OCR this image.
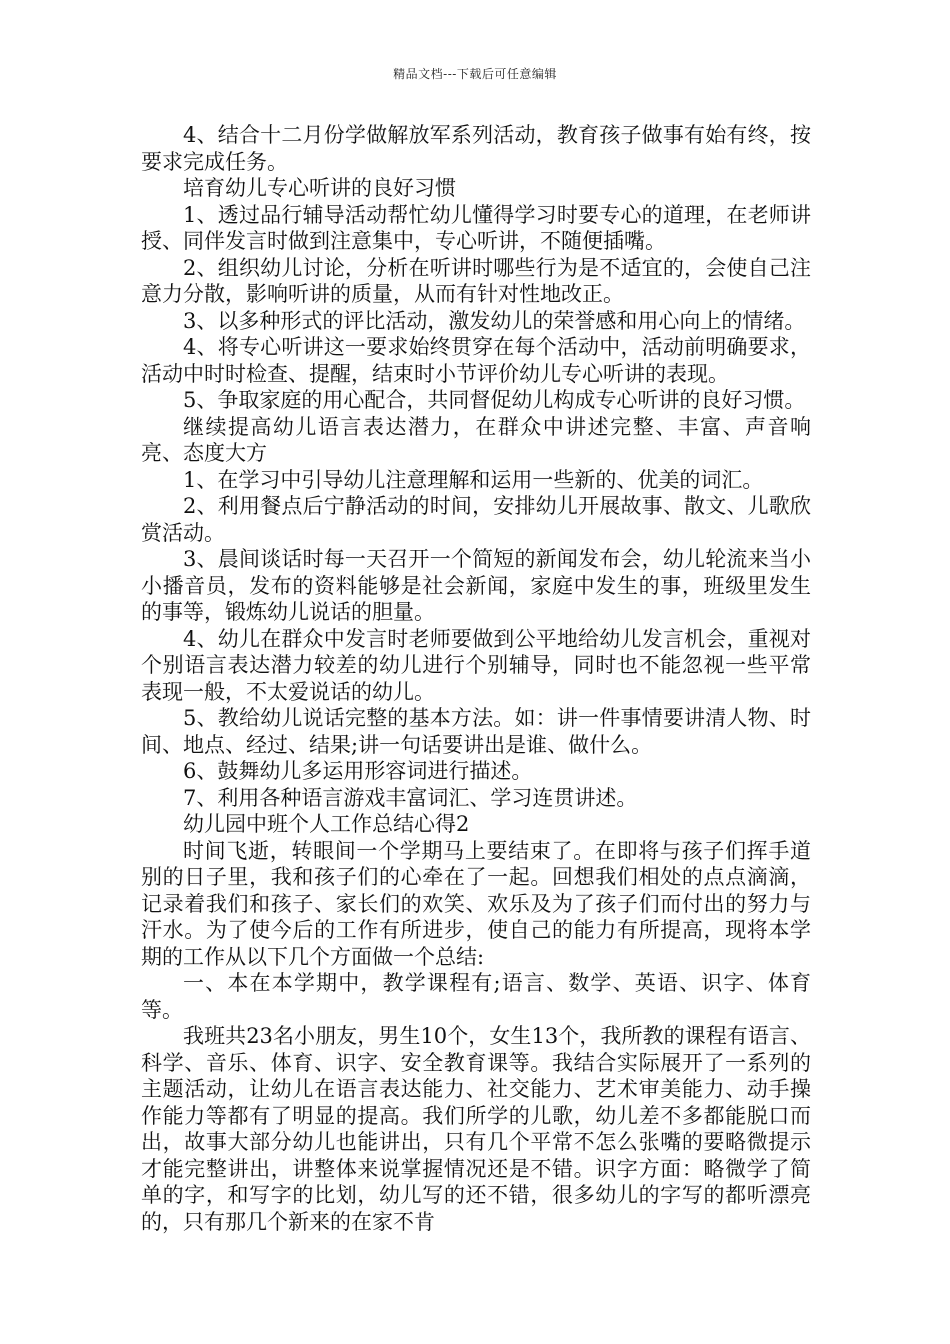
精品文档---下载后可任意编辑

4、结合十二月份学做解放军系列活动，教育孩子做事有始有终，按要求完成任务。

培育幼儿专心听讲的良好习惯

1、透过品行辅导活动帮忙幼儿懂得学习时要专心的道理，在老师讲授、同伴发言时做到注意集中，专心听讲，不随便插嘴。

2、组织幼儿讨论，分析在听讲时哪些行为是不适宜的，会使自己注意力分散，影响听讲的质量，从而有针对性地改正。

3、以多种形式的评比活动，激发幼儿的荣誉感和用心向上的情绪。

4、将专心听讲这一要求始终贯穿在每个活动中，活动前明确要求，活动中时时检查、提醒，结束时小节评价幼儿专心听讲的表现。

5、争取家庭的用心配合，共同督促幼儿构成专心听讲的良好习惯。

继续提高幼儿语言表达潜力，在群众中讲述完整、丰富、声音响亮、态度大方

1、在学习中引导幼儿注意理解和运用一些新的、优美的词汇。

2、利用餐点后宁静活动的时间，安排幼儿开展故事、散文、儿歌欣赏活动。

3、晨间谈话时每一天召开一个简短的新闻发布会，幼儿轮流来当小小播音员，发布的资料能够是社会新闻，家庭中发生的事，班级里发生的事等，锻炼幼儿说话的胆量。

4、幼儿在群众中发言时老师要做到公平地给幼儿发言机会，重视对个别语言表达潜力较差的幼儿进行个别辅导，同时也不能忽视一些平常表现一般，不太爱说话的幼儿。

5、教给幼儿说话完整的基本方法。如：讲一件事情要讲清人物、时间、地点、经过、结果;讲一句话要讲出是谁、做什么。

6、鼓舞幼儿多运用形容词进行描述。

7、利用各种语言游戏丰富词汇、学习连贯讲述。

幼儿园中班个人工作总结心得2

时间飞逝，转眼间一个学期马上要结束了。在即将与孩子们挥手道别的日子里，我和孩子们的心牵在了一起。回想我们相处的点点滴滴，记录着我们和孩子、家长们的欢笑、欢乐及为了孩子们而付出的努力与汗水。为了使今后的工作有所进步，使自己的能力有所提高，现将本学期的工作从以下几个方面做一个总结:

一、本在本学期中，教学课程有;语言、数学、英语、识字、体育等。

我班共23名小朋友，男生10个，女生13个，我所教的课程有语言、科学、音乐、体育、识字、安全教育课等。我结合实际展开了一系列的主题活动，让幼儿在语言表达能力、社交能力、艺术审美能力、动手操作能力等都有了明显的提高。我们所学的儿歌，幼儿差不多都能脱口而出，故事大部分幼儿也能讲出，只有几个平常不怎么张嘴的要略微提示才能完整讲出，讲整体来说掌握情况还是不错。识字方面：略微学了简单的字，和写字的比划，幼儿写的还不错，很多幼儿的字写的都听漂亮的，只有那几个新来的在家不肯
